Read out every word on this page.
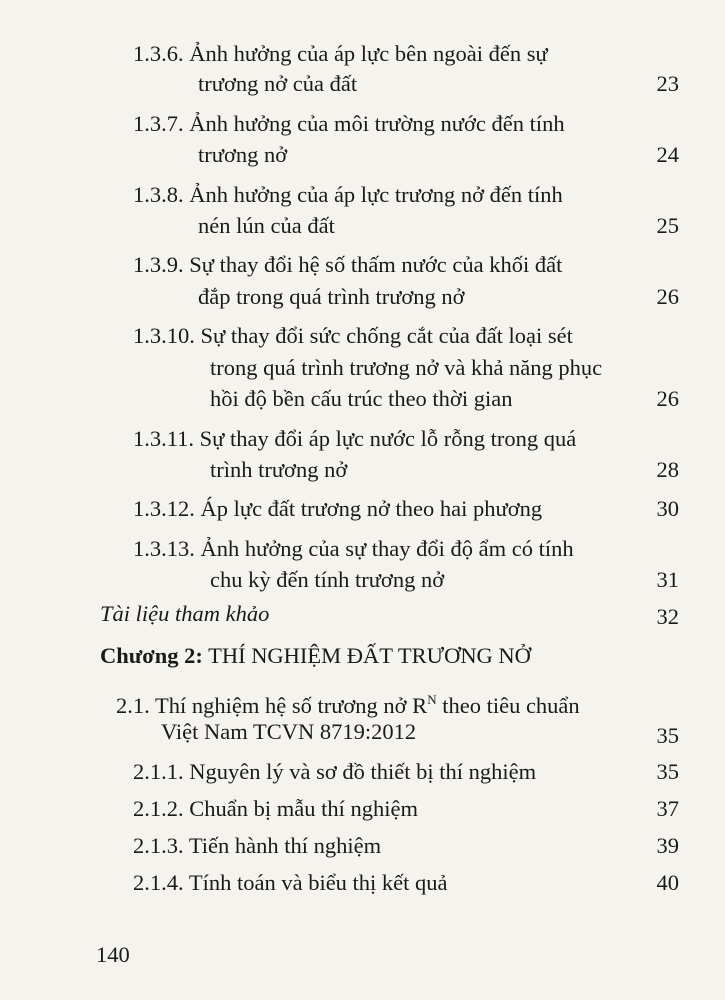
1.3.6. Ảnh hưởng của áp lực bên ngoài đến sự
trương nở của đất	23
1.3.7. Ảnh hưởng của môi trường nước đến tính
trương nở	24
1.3.8. Ảnh hưởng của áp lực trương nở đến tính
nén lún của đất	25
1.3.9. Sự thay đổi hệ số thấm nước của khối đất
đắp trong quá trình trương nở	26
1.3.10. Sự thay đổi sức chống cắt của đất loại sét
trong quá trình trương nở và khả năng phục
hồi độ bền cấu trúc theo thời gian	26
1.3.11. Sự thay đổi áp lực nước lỗ rỗng trong quá
trình trương nở	28
1.3.12. Áp lực đất trương nở theo hai phương	30
1.3.13. Ảnh hưởng của sự thay đổi độ ẩm có tính
chu kỳ đến tính trương nở	31
Tài liệu tham khảo	32
Chương 2: THÍ NGHIỆM ĐẤT TRƯƠNG NỞ
2.1. Thí nghiệm hệ số trương nở $R^N$ theo tiêu chuẩn
Việt Nam TCVN 8719:2012	35
2.1.1. Nguyên lý và sơ đồ thiết bị thí nghiệm	35
2.1.2. Chuẩn bị mẫu thí nghiệm	37
2.1.3. Tiến hành thí nghiệm	39
2.1.4. Tính toán và biểu thị kết quả	40
140
